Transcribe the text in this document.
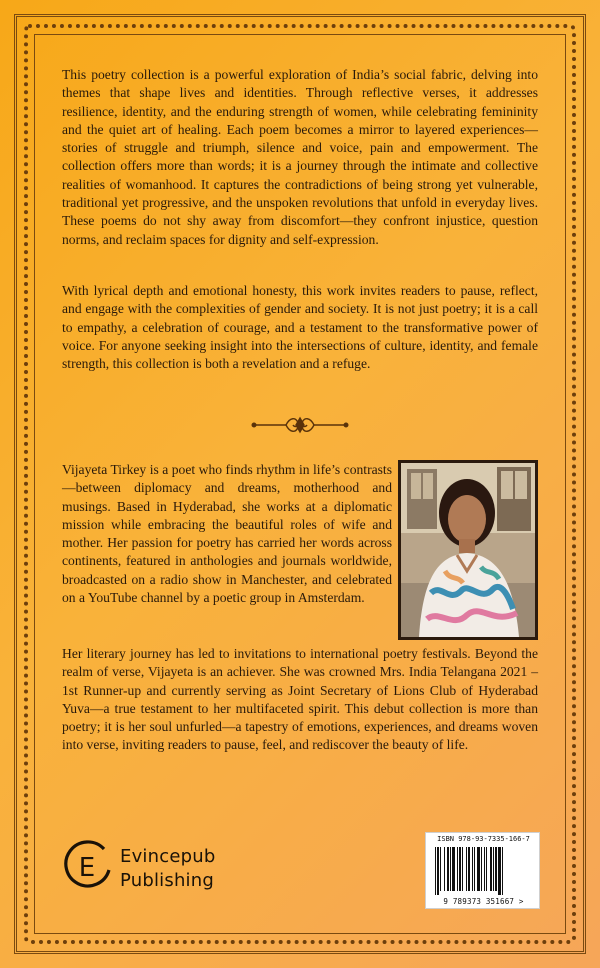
This poetry collection is a powerful exploration of India’s social fabric, delving into themes that shape lives and identities. Through reflective verses, it addresses resilience, identity, and the enduring strength of women, while celebrating femininity and the quiet art of healing. Each poem becomes a mirror to layered experiences—stories of struggle and triumph, silence and voice, pain and empowerment. The collection offers more than words; it is a journey through the intimate and collective realities of womanhood. It captures the contradictions of being strong yet vulnerable, traditional yet progressive, and the unspoken revolutions that unfold in everyday lives. These poems do not shy away from discomfort—they confront injustice, question norms, and reclaim spaces for dignity and self-expression.

With lyrical depth and emotional honesty, this work invites readers to pause, reflect, and engage with the complexities of gender and society. It is not just poetry; it is a call to empathy, a celebration of courage, and a testament to the transformative power of voice. For anyone seeking insight into the intersections of culture, identity, and female strength, this collection is both a revelation and a refuge.

Vijayeta Tirkey is a poet who finds rhythm in life’s contrasts—between diplomacy and dreams, motherhood and musings. Based in Hyderabad, she works at a diplomatic mission while embracing the beautiful roles of wife and mother. Her passion for poetry has carried her words across continents, featured in anthologies and journals worldwide, broadcasted on a radio show in Manchester, and celebrated on a YouTube channel by a poetic group in Amsterdam.

Her literary journey has led to invitations to international poetry festivals. Beyond the realm of verse, Vijayeta is an achiever. She was crowned Mrs. India Telangana 2021 – 1st Runner-up and currently serving as Joint Secretary of Lions Club of Hyderabad Yuva—a true testament to her multifaceted spirit. This debut collection is more than poetry; it is her soul unfurled—a tapestry of emotions, experiences, and dreams woven into verse, inviting readers to pause, feel, and rediscover the beauty of life.

E Evincepub
Publishing
ISBN 978-93-7335-166-7
9 789373 351667 >
